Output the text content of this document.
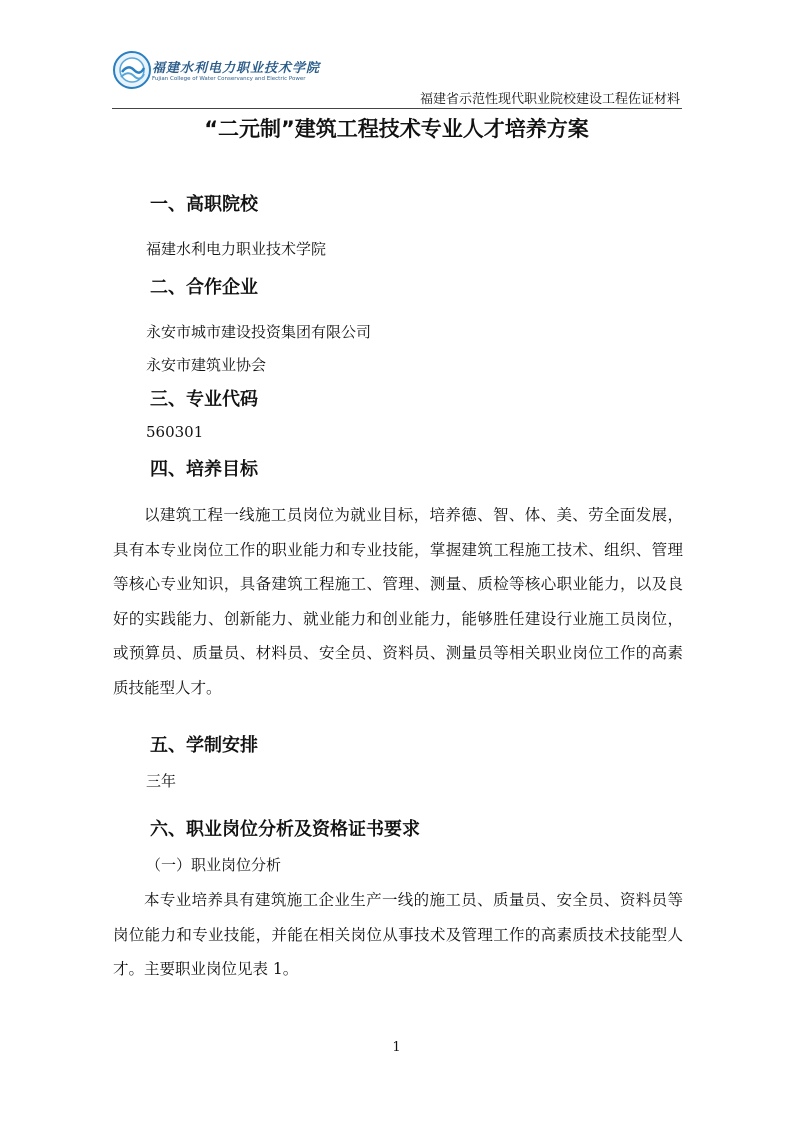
福建水利电力职业技术学院
Fujian College of Water Conservancy and Electric Power
福建省示范性现代职业院校建设工程佐证材料
“二元制”建筑工程技术专业人才培养方案
一、高职院校
福建水利电力职业技术学院
二、合作企业
永安市城市建设投资集团有限公司
永安市建筑业协会
三、专业代码
560301
四、培养目标

以建筑工程一线施工员岗位为就业目标，培养德、智、体、美、劳全面发展，具有本专业岗位工作的职业能力和专业技能，掌握建筑工程施工技术、组织、管理等核心专业知识，具备建筑工程施工、管理、测量、质检等核心职业能力，以及良好的实践能力、创新能力、就业能力和创业能力，能够胜任建设行业施工员岗位，或预算员、质量员、材料员、安全员、资料员、测量员等相关职业岗位工作的高素质技能型人才。

五、学制安排
三年
六、职业岗位分析及资格证书要求
（一）职业岗位分析

本专业培养具有建筑施工企业生产一线的施工员、质量员、安全员、资料员等岗位能力和专业技能，并能在相关岗位从事技术及管理工作的高素质技术技能型人才。主要职业岗位见表 1。

1
